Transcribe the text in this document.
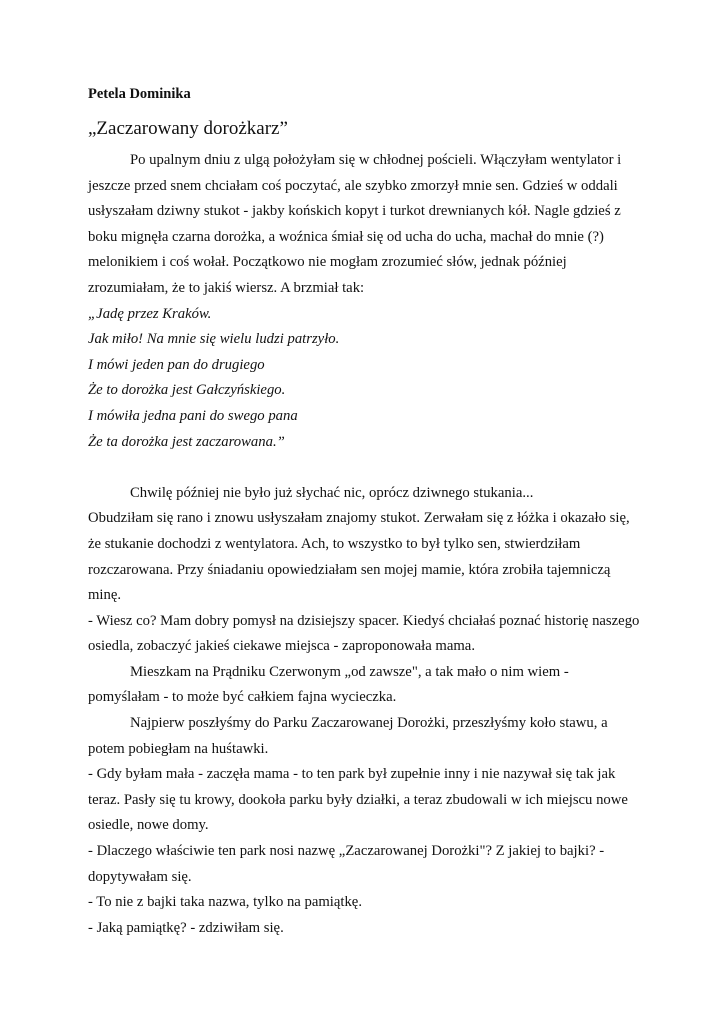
Petela Dominika
„Zaczarowany dorożkarz”
Po upalnym dniu z ulgą położyłam się w chłodnej pościeli. Włączyłam wentylator i
jeszcze przed snem chciałam coś poczytać, ale szybko zmorzył mnie sen. Gdzieś w oddali
usłyszałam dziwny stukot - jakby końskich kopyt i turkot drewnianych kół. Nagle gdzieś z
boku mignęła czarna dorożka, a woźnica śmiał się od ucha do ucha, machał do mnie (?)
melonikiem i coś wołał. Początkowo nie mogłam zrozumieć słów, jednak później
zrozumiałam, że to jakiś wiersz. A brzmiał tak:
„Jadę przez Kraków.
Jak miło! Na mnie się wielu ludzi patrzyło.
I mówi jeden pan do drugiego
Że to dorożka jest Gałczyńskiego.
I mówiła jedna pani do swego pana
Że ta dorożka jest zaczarowana.”
Chwilę później nie było już słychać nic, oprócz dziwnego stukania...
Obudziłam się rano i znowu usłyszałam znajomy stukot. Zerwałam się z łóżka i okazało się,
że stukanie dochodzi z wentylatora. Ach, to wszystko to był tylko sen, stwierdziłam
rozczarowana. Przy śniadaniu opowiedziałam sen mojej mamie, która zrobiła tajemniczą
minę.
- Wiesz co? Mam dobry pomysł na dzisiejszy spacer. Kiedyś chciałaś poznać historię naszego
osiedla, zobaczyć jakieś ciekawe miejsca - zaproponowała mama.
Mieszkam na Prądniku Czerwonym „od zawsze", a tak mało o nim wiem -
pomyślałam - to może być całkiem fajna wycieczka.
Najpierw poszłyśmy do Parku Zaczarowanej Dorożki, przeszłyśmy koło stawu, a
potem pobiegłam na huśtawki.
- Gdy byłam mała - zaczęła mama - to ten park był zupełnie inny i nie nazywał się tak jak
teraz. Pasły się tu krowy, dookoła parku były działki, a teraz zbudowali w ich miejscu nowe
osiedle, nowe domy.
- Dlaczego właściwie ten park nosi nazwę „Zaczarowanej Dorożki"? Z jakiej to bajki? -
dopytywałam się.
- To nie z bajki taka nazwa, tylko na pamiątkę.
- Jaką pamiątkę? - zdziwiłam się.
